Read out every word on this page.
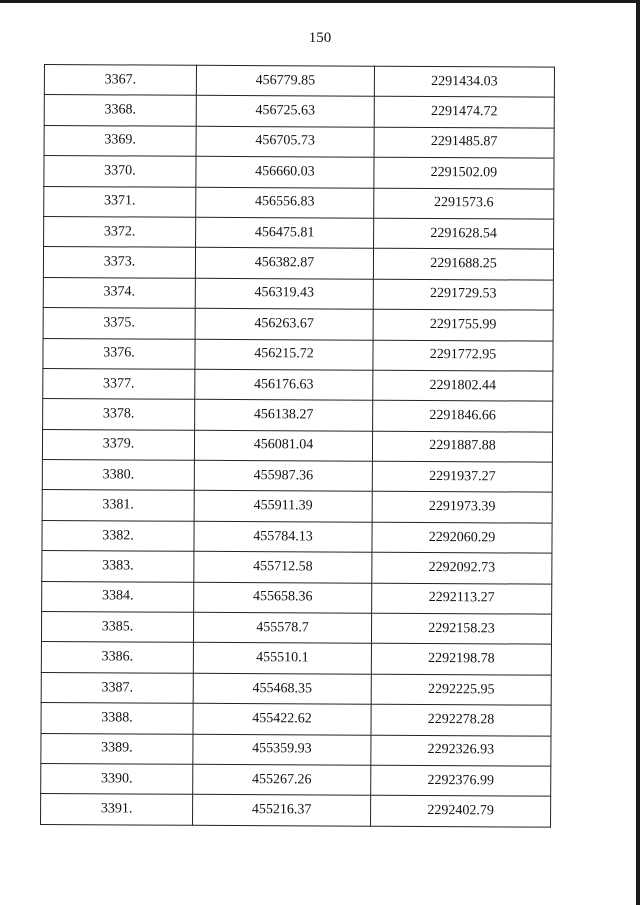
150
3367.	456779.85	2291434.03
3368.	456725.63	2291474.72
3369.	456705.73	2291485.87
3370.	456660.03	2291502.09
3371.	456556.83	2291573.6
3372.	456475.81	2291628.54
3373.	456382.87	2291688.25
3374.	456319.43	2291729.53
3375.	456263.67	2291755.99
3376.	456215.72	2291772.95
3377.	456176.63	2291802.44
3378.	456138.27	2291846.66
3379.	456081.04	2291887.88
3380.	455987.36	2291937.27
3381.	455911.39	2291973.39
3382.	455784.13	2292060.29
3383.	455712.58	2292092.73
3384.	455658.36	2292113.27
3385.	455578.7	2292158.23
3386.	455510.1	2292198.78
3387.	455468.35	2292225.95
3388.	455422.62	2292278.28
3389.	455359.93	2292326.93
3390.	455267.26	2292376.99
3391.	455216.37	2292402.79
